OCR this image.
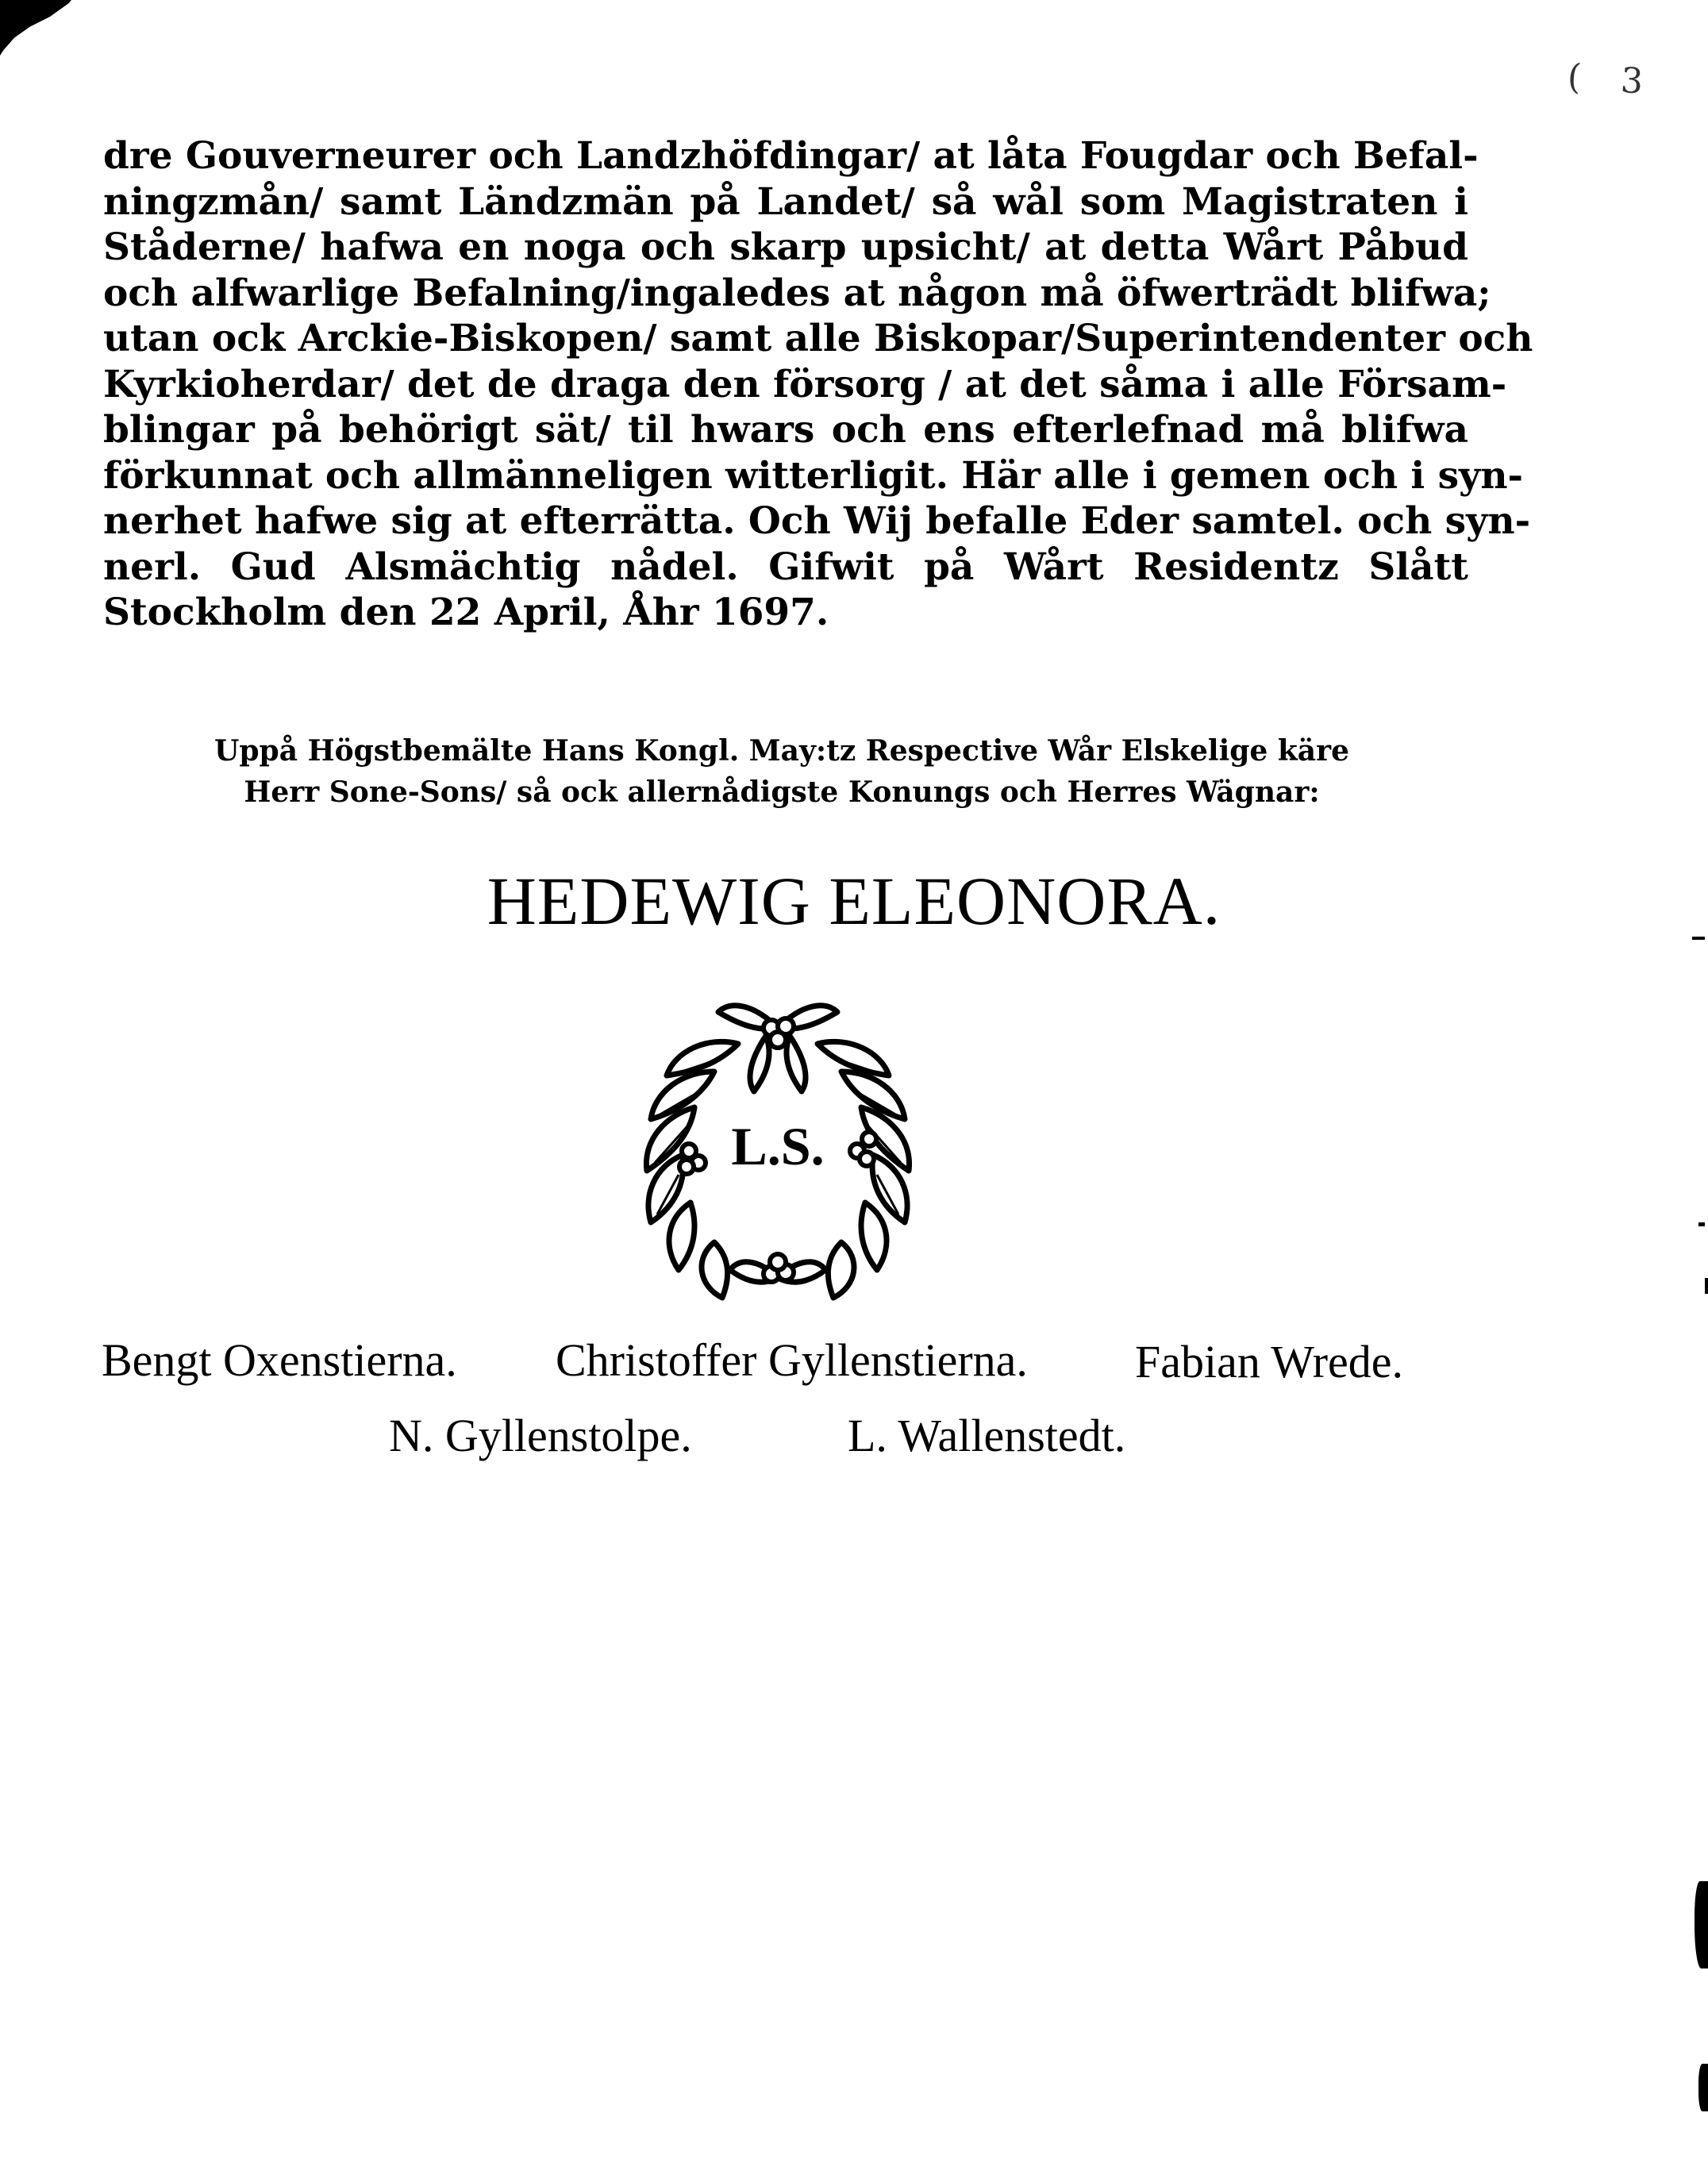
( 3
dre Gouverneurer och Landzhöfdingar/ at låta Fougdar och Befal-
ningzmån/ samt Ländzmän på Landet/ så wål som Magistraten i
Ståderne/ hafwa en noga och skarp upsicht/ at detta Wårt Påbud
och alfwarlige Befalning/ingaledes at någon må öfwerträdt blifwa;
utan ock Arckie-Biskopen/ samt alle Biskopar/Superintendenter och
Kyrkioherdar/ det de draga den försorg / at det såma i alle Försam-
blingar på behörigt sät/ til hwars och ens efterlefnad må blifwa
förkunnat och allmänneligen witterligit. Här alle i gemen och i syn-
nerhet hafwe sig at efterrätta. Och Wij befalle Eder samtel. och syn-
nerl. Gud Alsmächtig nådel. Gifwit på Wårt Residentz Slått
Stockholm den 22 April, Åhr 1697.
Uppå Högstbemälte Hans Kongl. May:tz Respective Wår Elskelige käre
Herr Sone-Sons/ så ock allernådigste Konungs och Herres Wägnar:
HEDEWIG ELEONORA.
L.S.
Bengt Oxenstierna. Christoffer Gyllenstierna. Fabian Wrede.
N. Gyllenstolpe.	L. Wallenstedt.
